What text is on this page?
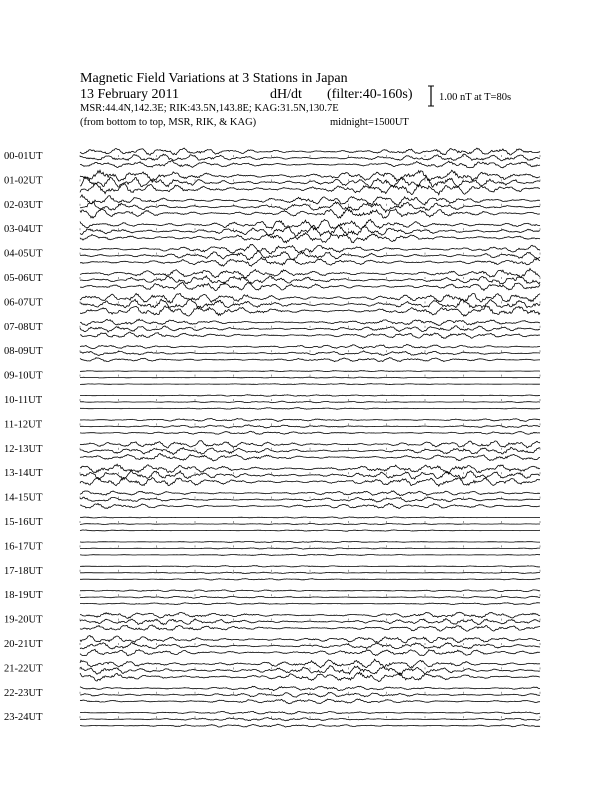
Magnetic Field Variations at 3 Stations in Japan
13 February 2011	dH/dt (filter:40-160s)
MSR:44.4N,142.3E; RIK:43.5N,143.8E; KAG:31.5N,130.7E
(from bottom to top, MSR, RIK, & KAG)	midnight=1500UT
1.00 nT at T=80s
00-01UT
01-02UT
02-03UT
03-04UT
04-05UT
05-06UT
06-07UT
07-08UT
08-09UT
09-10UT
10-11UT
11-12UT
12-13UT
13-14UT
14-15UT
15-16UT
16-17UT
17-18UT
18-19UT
19-20UT
20-21UT
21-22UT
22-23UT
23-24UT
